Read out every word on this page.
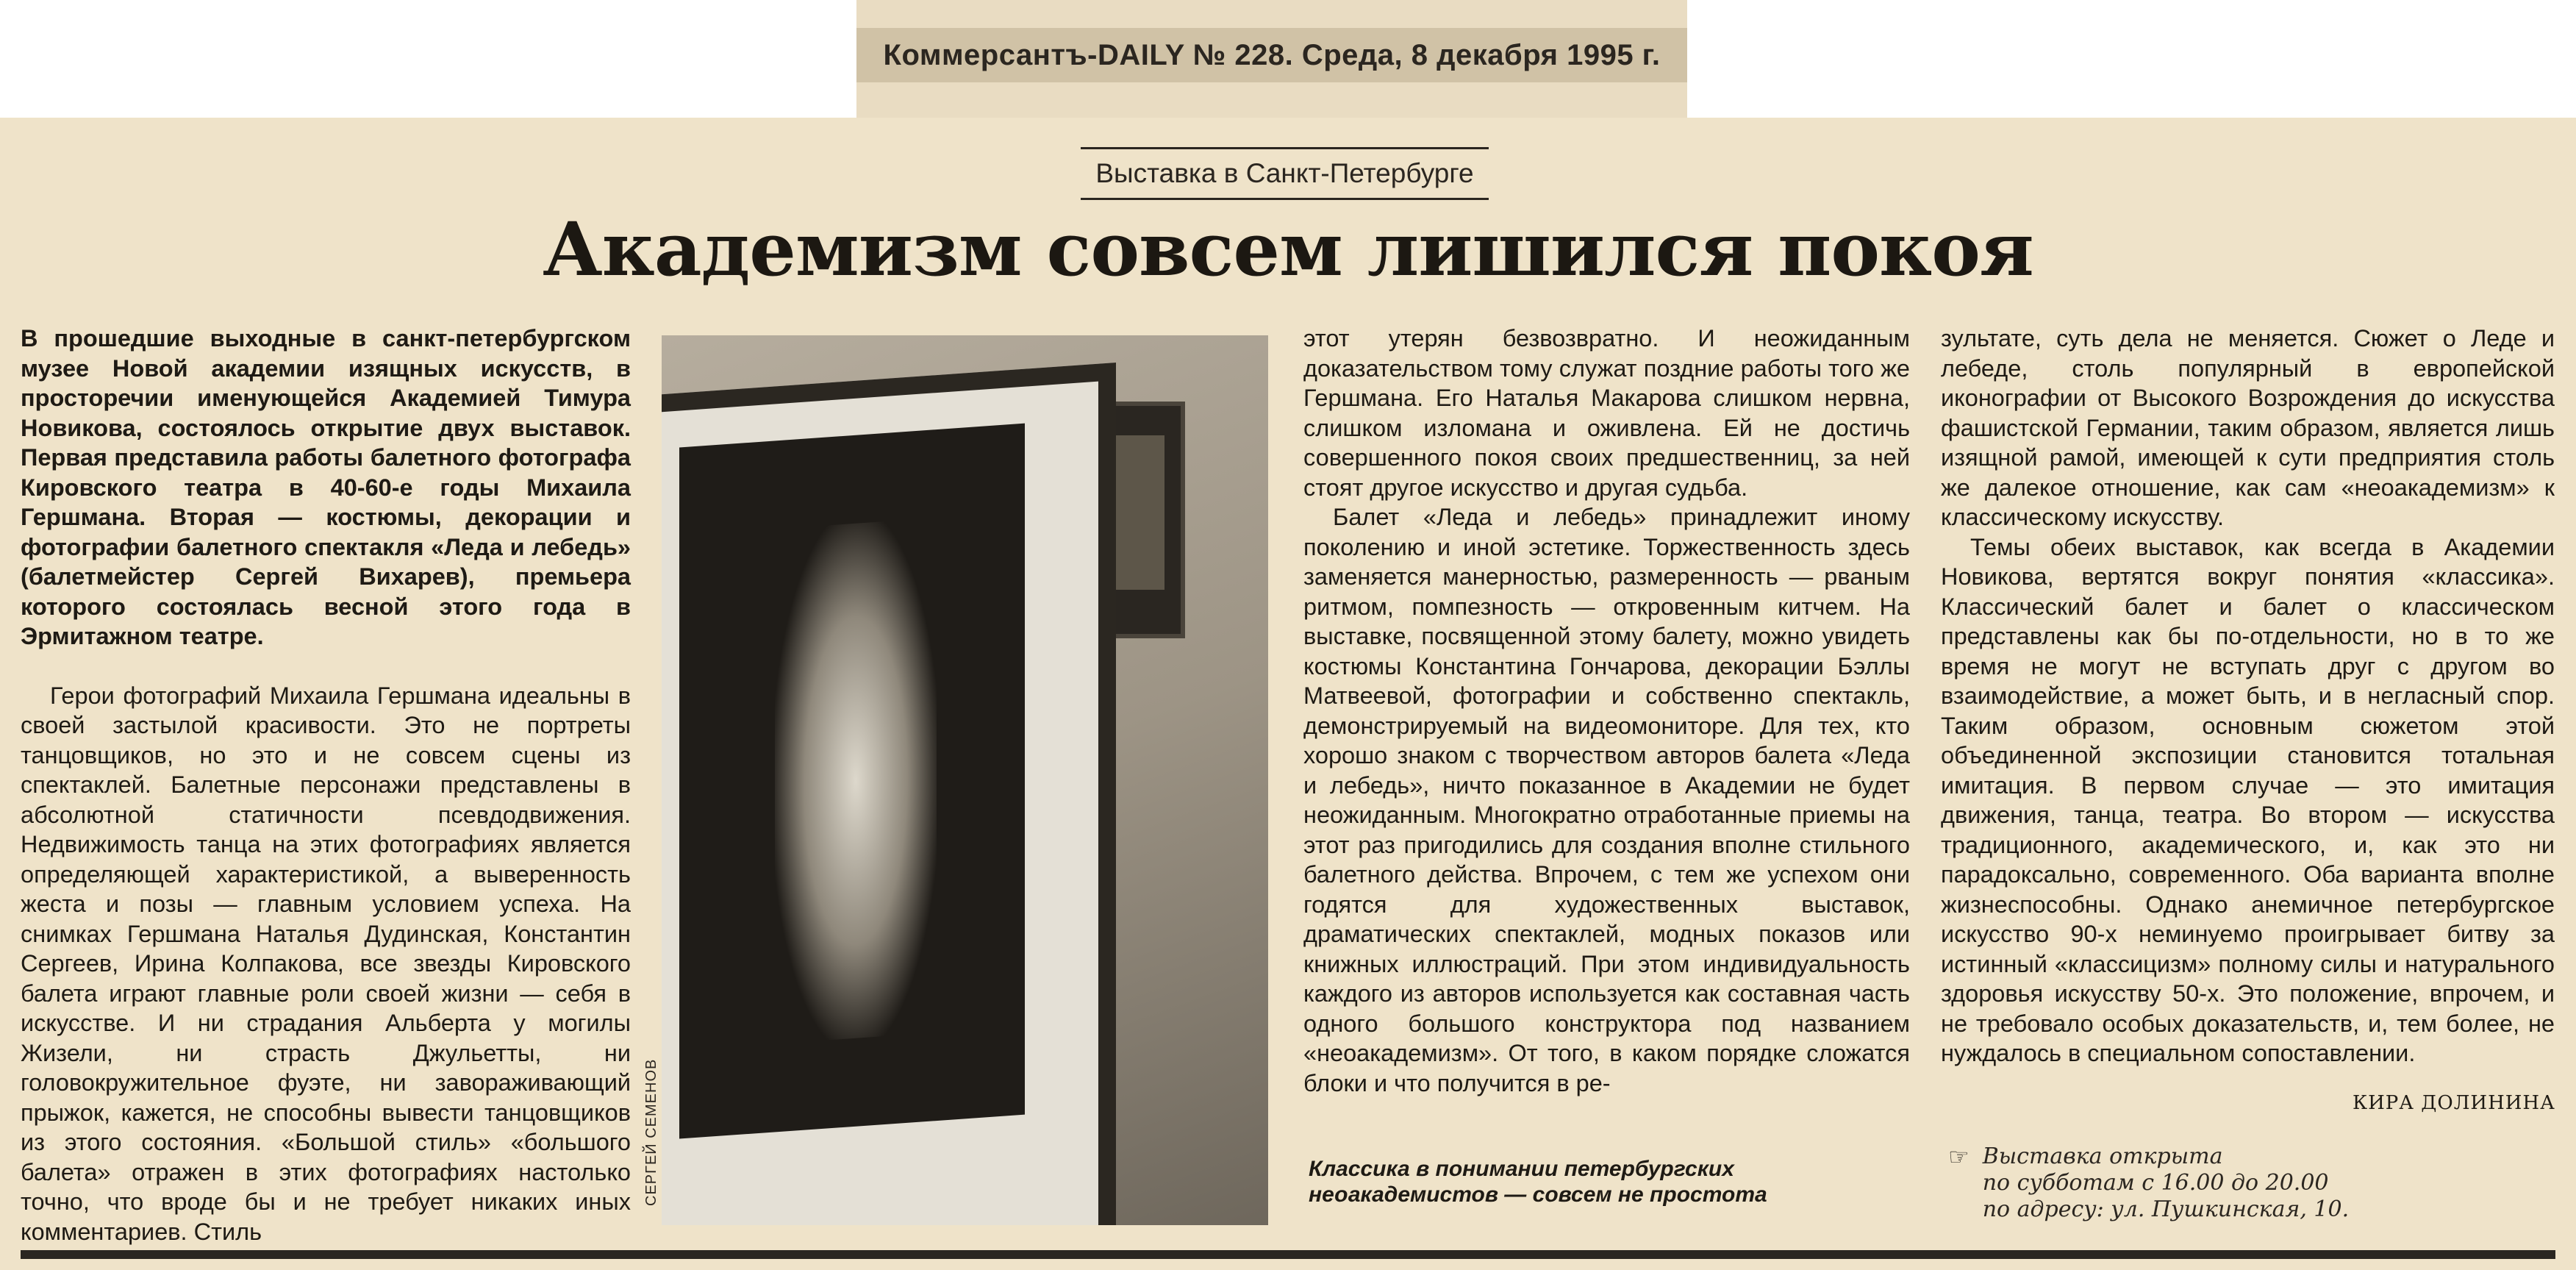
Коммерсантъ-DAILY № 228. Среда, 8 декабря 1995 г.
Выставка в Санкт-Петербурге
Академизм совсем лишился покоя

В прошедшие выходные в санкт-петербургском музее Новой академии изящных искусств, в просторечии именующейся Академией Тимура Новикова, состоялось открытие двух выставок. Первая представила работы балетного фотографа Кировского театра в 40-60-е годы Михаила Гершмана. Вторая — костюмы, декорации и фотографии балетного спектакля «Леда и лебедь» (балетмейстер Сергей Вихарев), премьера которого состоялась весной этого года в Эрмитажном театре.

Герои фотографий Михаила Гершмана идеальны в своей застылой красивости. Это не портреты танцовщиков, но это и не совсем сцены из спектаклей. Балетные персонажи представлены в абсолютной статичности псевдодвижения. Недвижимость танца на этих фотографиях является определяющей характеристикой, а выверенность жеста и позы — главным условием успеха. На снимках Гершмана Наталья Дудинская, Константин Сергеев, Ирина Колпакова, все звезды Кировского балета играют главные роли своей жизни — себя в искусстве. И ни страдания Альберта у могилы Жизели, ни страсть Джульетты, ни головокружительное фуэте, ни завораживающий прыжок, кажется, не способны вывести танцовщиков из этого состояния. «Большой стиль» «большого балета» отражен в этих фотографиях настолько точно, что вроде бы и не требует никаких иных комментариев. Стиль

СЕРГЕЙ СЕМЕНОВ

этот утерян безвозвратно. И неожиданным доказательством тому служат поздние работы того же Гершмана. Его Наталья Макарова слишком нервна, слишком изломана и оживлена. Ей не достичь совершенного покоя своих предшественниц, за ней стоят другое искусство и другая судьба.

Балет «Леда и лебедь» принадлежит иному поколению и иной эстетике. Торжественность здесь заменяется манерностью, размеренность — рваным ритмом, помпезность — откровенным китчем. На выставке, посвященной этому балету, можно увидеть костюмы Константина Гончарова, декорации Бэллы Матвеевой, фотографии и собственно спектакль, демонстрируемый на видеомониторе. Для тех, кто хорошо знаком с творчеством авторов балета «Леда и лебедь», ничто показанное в Академии не будет неожиданным. Многократно отработанные приемы на этот раз пригодились для создания вполне стильного балетного действа. Впрочем, с тем же успехом они годятся для художественных выставок, драматических спектаклей, модных показов или книжных иллюстраций. При этом индивидуальность каждого из авторов используется как составная часть одного большого конструктора под названием «неоакадемизм». От того, в каком порядке сложатся блоки и что получится в ре-

Классика в понимании петербургских неоакадемистов — совсем не простота

зультате, суть дела не меняется. Сюжет о Леде и лебеде, столь популярный в европейской иконографии от Высокого Возрождения до искусства фашистской Германии, таким образом, является лишь изящной рамой, имеющей к сути предприятия столь же далекое отношение, как сам «неоакадемизм» к классическому искусству.

Темы обеих выставок, как всегда в Академии Новикова, вертятся вокруг понятия «классика». Классический балет и балет о классическом представлены как бы по-отдельности, но в то же время не могут не вступать друг с другом во взаимодействие, а может быть, и в негласный спор. Таким образом, основным сюжетом этой объединенной экспозиции становится тотальная имитация. В первом случае — это имитация движения, танца, театра. Во втором — искусства традиционного, академического, и, как это ни парадоксально, современного. Оба варианта вполне жизнеспособны. Однако анемичное петербургское искусство 90-х неминуемо проигрывает битву за истинный «классицизм» полному силы и натурального здоровья искусству 50-х. Это положение, впрочем, и не требовало особых доказательств, и, тем более, не нуждалось в специальном сопоставлении.

КИРА ДОЛИНИНА
☞ Выставка открыта
по субботам с 16.00 до 20.00
по адресу: ул. Пушкинская, 10.
